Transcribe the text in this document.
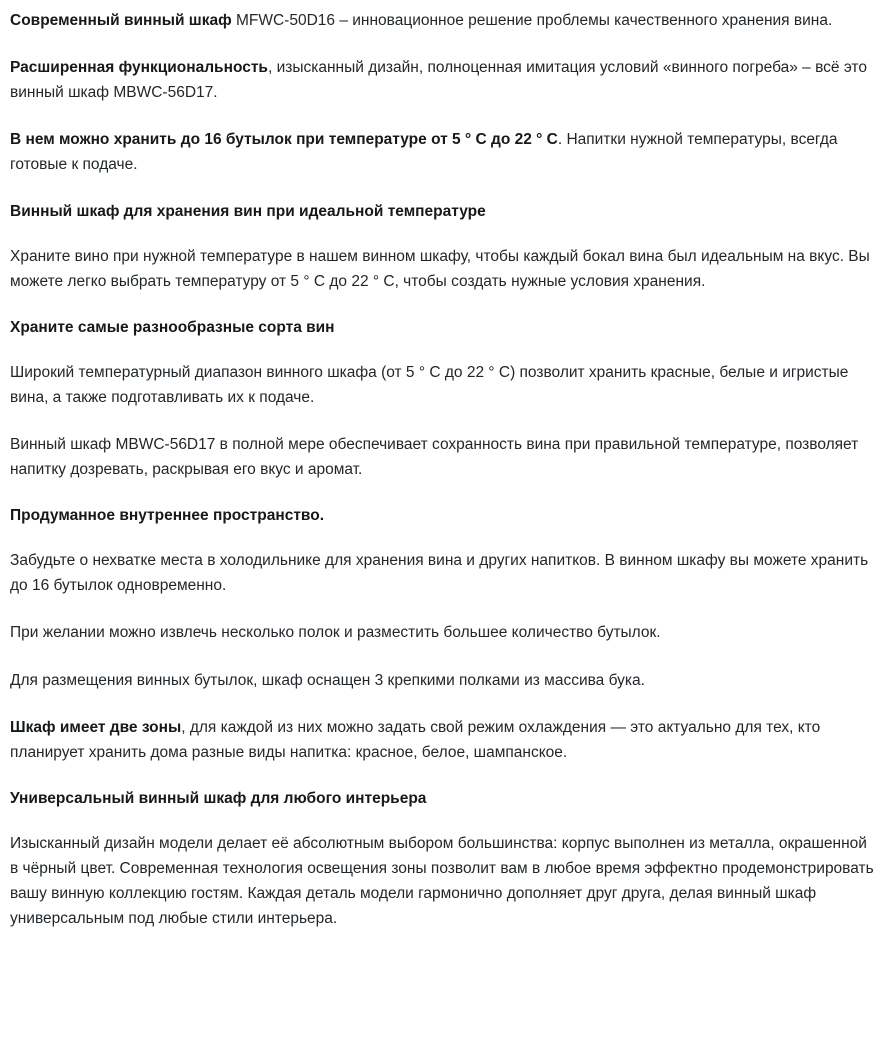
Современный винный шкаф MFWC-50D16 – инновационное решение проблемы качественного хранения вина.

Расширенная функциональность, изысканный дизайн, полноценная имитация условий «винного погреба» – всё это винный шкаф MBWC-56D17.

В нем можно хранить до 16 бутылок при температуре от 5 ° С до 22 ° С. Напитки нужной температуры, всегда готовые к подаче.

Винный шкаф для хранения вин при идеальной температуре

Храните вино при нужной температуре в нашем винном шкафу, чтобы каждый бокал вина был идеальным на вкус. Вы можете легко выбрать температуру от 5 ° С до 22 ° С, чтобы создать нужные условия хранения.

Храните самые разнообразные сорта вин

Широкий температурный диапазон винного шкафа (от 5 ° С до 22 ° С) позволит хранить красные, белые и игристые вина, а также подготавливать их к подаче.

Винный шкаф MBWC-56D17 в полной мере обеспечивает сохранность вина при правильной температуре, позволяет напитку дозревать, раскрывая его вкус и аромат.

Продуманное внутреннее пространство.

Забудьте о нехватке места в холодильнике для хранения вина и других напитков. В винном шкафу вы можете хранить до 16 бутылок одновременно.

При желании можно извлечь несколько полок и разместить большее количество бутылок.

Для размещения винных бутылок, шкаф оснащен 3 крепкими полками из массива бука.

Шкаф имеет две зоны, для каждой из них можно задать свой режим охлаждения — это актуально для тех, кто планирует хранить дома разные виды напитка: красное, белое, шампанское.

Универсальный винный шкаф для любого интерьера

Изысканный дизайн модели делает её абсолютным выбором большинства: корпус выполнен из металла, окрашенной в чёрный цвет. Современная технология освещения зоны позволит вам в любое время эффектно продемонстрировать вашу винную коллекцию гостям. Каждая деталь модели гармонично дополняет друг друга, делая винный шкаф универсальным под любые стили интерьера.
